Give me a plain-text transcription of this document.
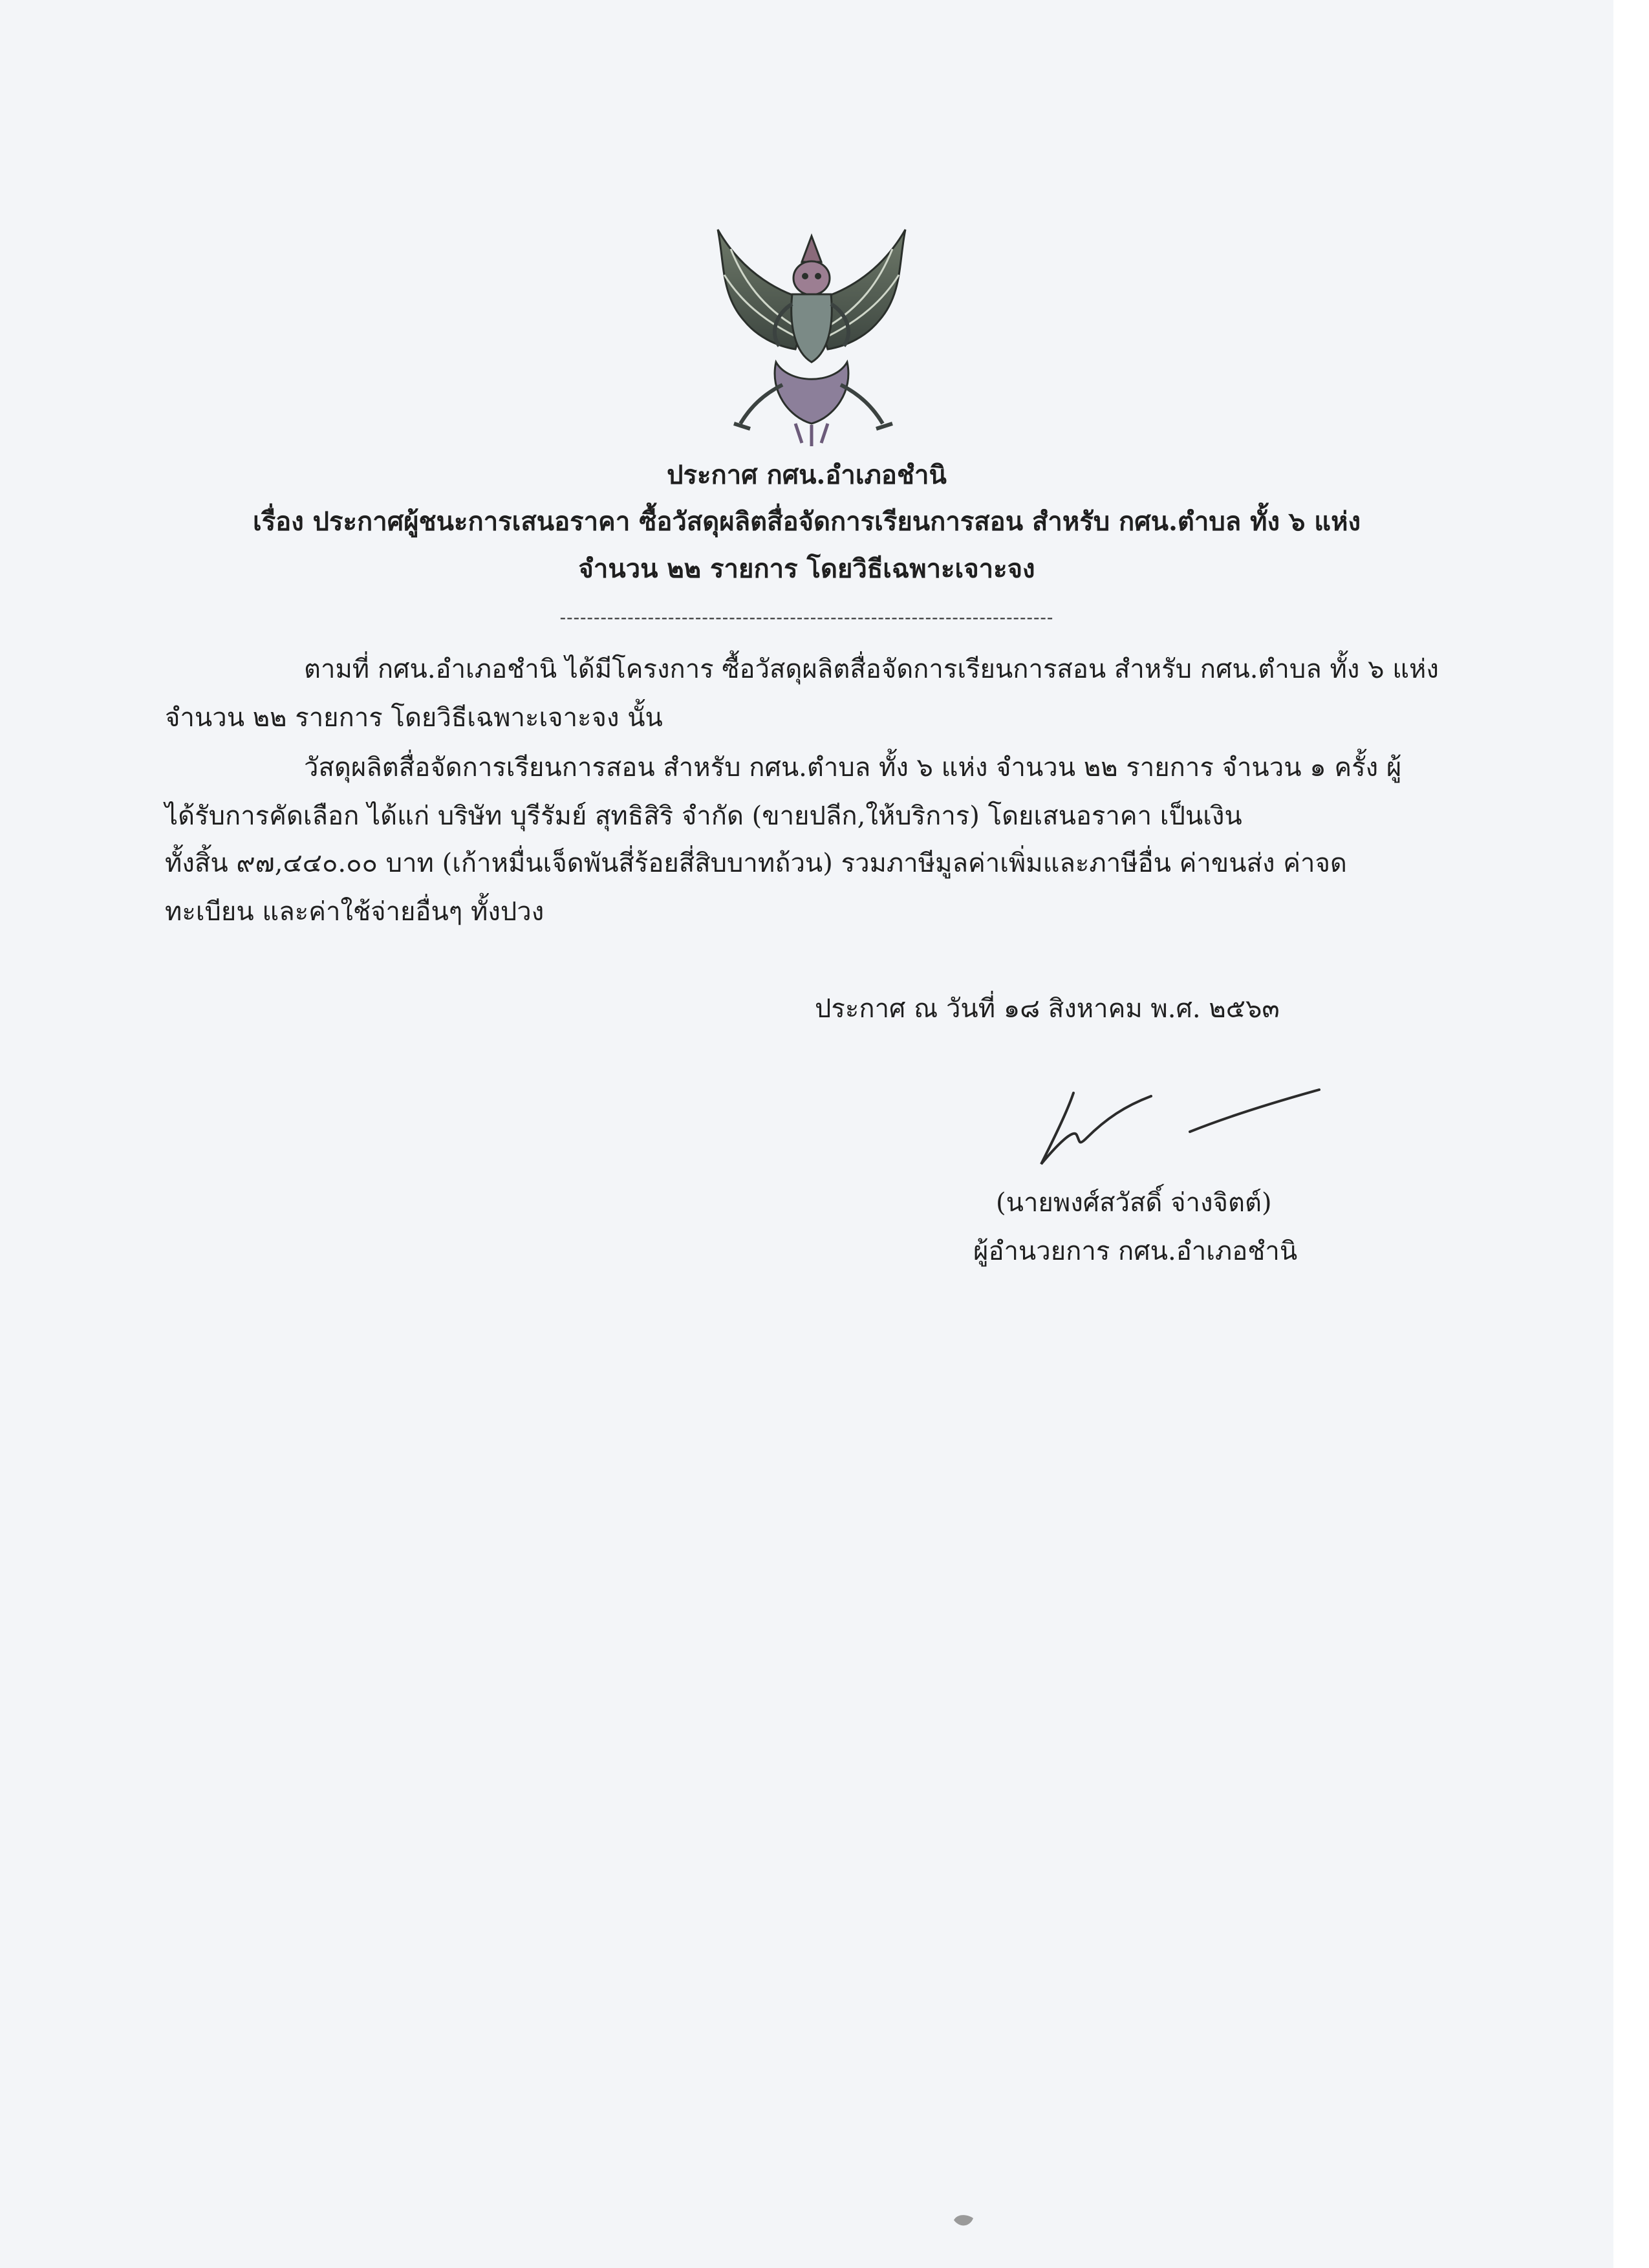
ประกาศ กศน.อำเภอชำนิ
เรื่อง ประกาศผู้ชนะการเสนอราคา ซื้อวัสดุผลิตสื่อจัดการเรียนการสอน สำหรับ กศน.ตำบล ทั้ง ๖ แห่ง
จำนวน ๒๒ รายการ โดยวิธีเฉพาะเจาะจง
-------------------------------------------------------------------------
ตามที่ กศน.อำเภอชำนิ ได้มีโครงการ ซื้อวัสดุผลิตสื่อจัดการเรียนการสอน สำหรับ กศน.ตำบล ทั้ง ๖ แห่ง
จำนวน ๒๒ รายการ โดยวิธีเฉพาะเจาะจง นั้น
วัสดุผลิตสื่อจัดการเรียนการสอน สำหรับ กศน.ตำบล ทั้ง ๖ แห่ง จำนวน ๒๒ รายการ จำนวน ๑ ครั้ง ผู้
ได้รับการคัดเลือก ได้แก่ บริษัท บุรีรัมย์ สุทธิสิริ จำกัด (ขายปลีก,ให้บริการ) โดยเสนอราคา เป็นเงิน
ทั้งสิ้น ๙๗,๔๔๐.๐๐ บาท (เก้าหมื่นเจ็ดพันสี่ร้อยสี่สิบบาทถ้วน) รวมภาษีมูลค่าเพิ่มและภาษีอื่น ค่าขนส่ง ค่าจด
ทะเบียน และค่าใช้จ่ายอื่นๆ ทั้งปวง
ประกาศ ณ วันที่ ๑๘ สิงหาคม พ.ศ. ๒๕๖๓
(นายพงศ์สวัสดิ์ จ่างจิตต์)
ผู้อำนวยการ กศน.อำเภอชำนิ
